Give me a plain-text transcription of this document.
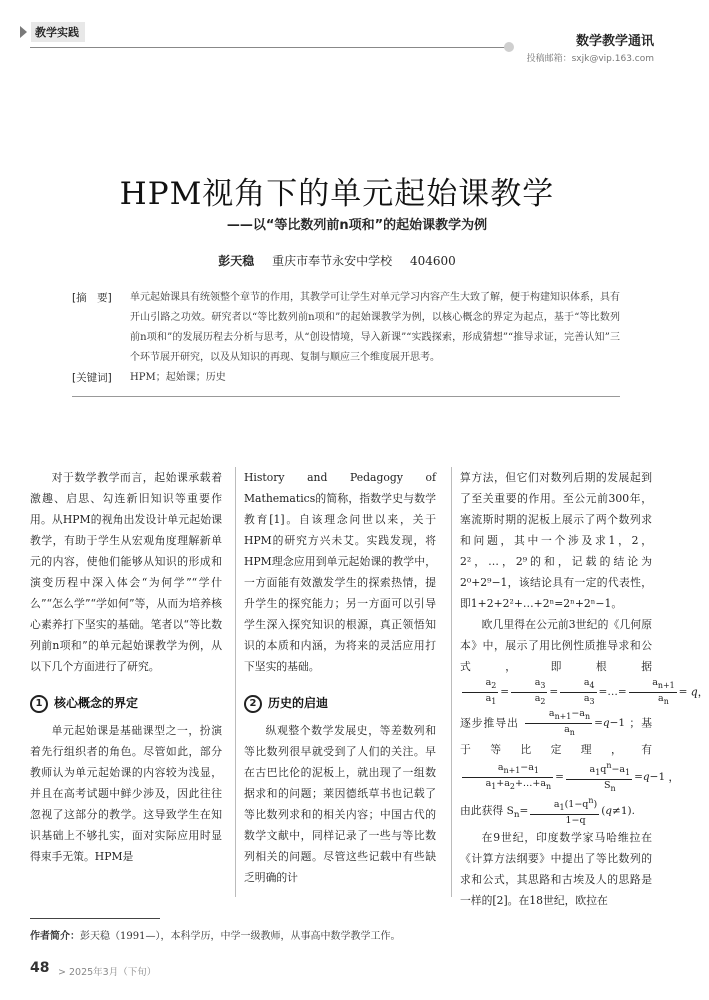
教学实践
数学教学通讯
投稿邮箱：sxjk@vip.163.com
HPM视角下的单元起始课教学
——以“等比数列前n项和”的起始课教学为例
彭天稳 重庆市奉节永安中学校 404600
[摘　要]	单元起始课具有统领整个章节的作用，其教学可让学生对单元学习内容产生大致了解，便于构建知识体系，具有开山引路之功效。研究者以“等比数列前n项和”的起始课教学为例，以核心概念的界定为起点，基于“等比数列前n项和”的发展历程去分析与思考，从“创设情境，导入新课”“实践探索，形成猜想”“推导求证，完善认知”三个环节展开研究，以及从知识的再现、复制与顺应三个维度展开思考。
[关键词]	HPM；起始课；历史

对于数学教学而言，起始课承载着激趣、启思、勾连新旧知识等重要作用。从HPM的视角出发设计单元起始课教学，有助于学生从宏观角度理解新单元的内容，使他们能够从知识的形成和演变历程中深入体会“为何学”“学什么”“怎么学”“学如何”等，从而为培养核心素养打下坚实的基础。笔者以“等比数列前n项和”的单元起始课教学为例，从以下几个方面进行了研究。

1 核心概念的界定

单元起始课是基础课型之一，扮演着先行组织者的角色。尽管如此，部分教师认为单元起始课的内容较为浅显，并且在高考试题中鲜少涉及，因此往往忽视了这部分的教学。这导致学生在知识基础上不够扎实，面对实际应用时显得束手无策。HPM是

History and Pedagogy of Mathematics的简称，指数学史与数学教育[1]。自该理念问世以来，关于HPM的研究方兴未艾。实践发现，将HPM理念应用到单元起始课的教学中，一方面能有效激发学生的探索热情，提升学生的探究能力；另一方面可以引导学生深入探究知识的根源，真正领悟知识的本质和内涵，为将来的灵活应用打下坚实的基础。

2 历史的启迪

纵观整个数学发展史，等差数列和等比数列很早就受到了人们的关注。早在古巴比伦的泥板上，就出现了一组数据求和的问题；莱因德纸草书也记载了等比数列求和的相关内容；中国古代的数学文献中，同样记录了一些与等比数列相关的问题。尽管这些记载中有些缺乏明确的计

算方法，但它们对数列后期的发展起到了至关重要的作用。至公元前300年，塞流斯时期的泥板上展示了两个数列求和问题，其中一个涉及求1，2，2²，…，2⁹的和，记载的结论为2⁰+2⁹−1，该结论具有一定的代表性，即1+2+2²+…+2ⁿ=2ⁿ+2ⁿ−1。

欧几里得在公元前3世纪的《几何原本》中，展示了用比例性质推导求和公式，即根据
$\frac{a_2}{a_1} = \frac{a_3}{a_2} = \frac{a_4}{a_3}$ =…= $\frac{a_{n+1}}{a_n} = q$，逐步推导出 $\frac{a_{n+1}-a_n}{a_n} =q-1$ ；基于等比定理，有
$\frac{a_{n+1}-a_1}{a_1+a_2+\dots+a_n} = \frac{a_1q^n-a_1}{S_n} =q-1$ ，由此获得 $S_n= \frac{a_1(1-q^n)}{1-q} (q\ne 1)$.

在9世纪，印度数学家马哈维拉在《计算方法纲要》中提出了等比数列的求和公式，其思路和古埃及人的思路是一样的[2]。在18世纪，欧拉在

作者简介：彭天稳（1991—），本科学历，中学一级教师，从事高中数学教学工作。
48 > 2025年3月（下旬）
